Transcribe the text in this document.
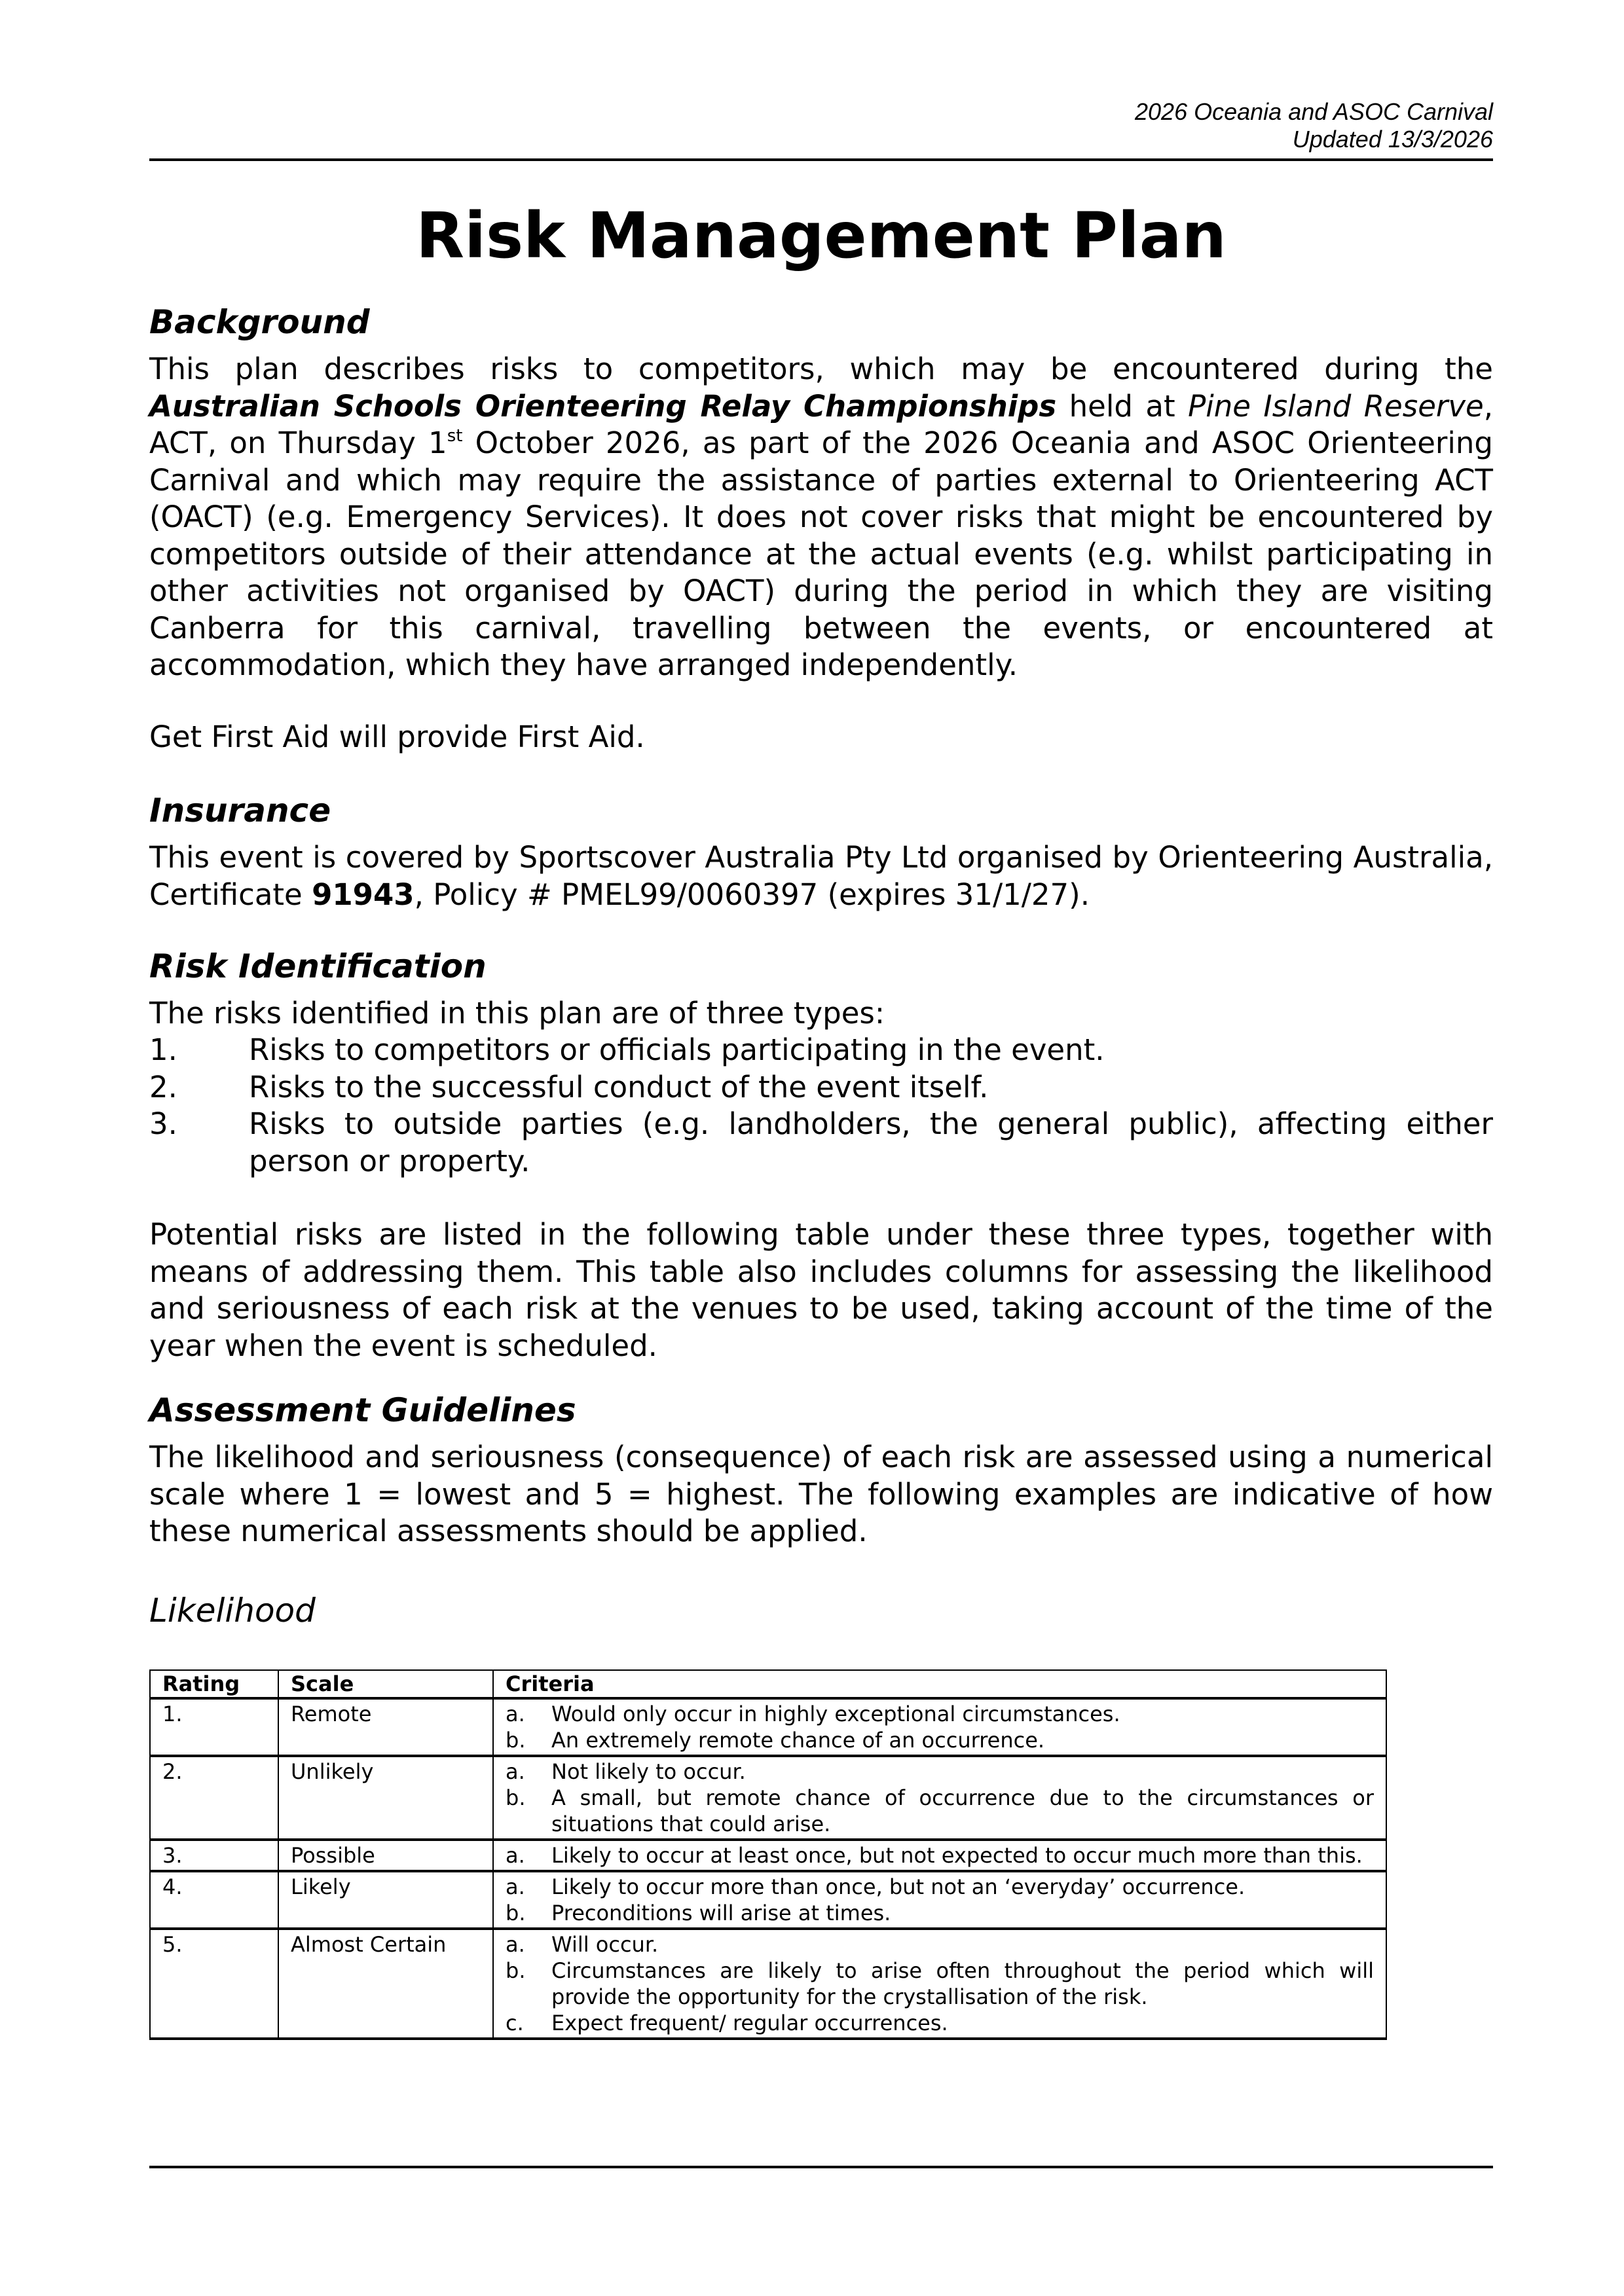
2026 Oceania and ASOC Carnival
Updated 13/3/2026
Risk Management Plan
Background
This plan describes risks to competitors, which may be encountered during the Australian Schools Orienteering Relay Championships held at Pine Island Reserve, ACT, on Thursday 1st October 2026, as part of the 2026 Oceania and ASOC Orienteering Carnival and which may require the assistance of parties external to Orienteering ACT (OACT) (e.g. Emergency Services). It does not cover risks that might be encountered by competitors outside of their attendance at the actual events (e.g. whilst participating in other activities not organised by OACT) during the period in which they are visiting Canberra for this carnival, travelling between the events, or encountered at accommodation, which they have arranged independently.
Get First Aid will provide First Aid.
Insurance
This event is covered by Sportscover Australia Pty Ltd organised by Orienteering Australia, Certificate 91943, Policy # PMEL99/0060397 (expires 31/1/27).
Risk Identification
The risks identified in this plan are of three types:
1.	Risks to competitors or officials participating in the event.
2.	Risks to the successful conduct of the event itself.
3.	Risks to outside parties (e.g. landholders, the general public), affecting either person or property.
Potential risks are listed in the following table under these three types, together with means of addressing them. This table also includes columns for assessing the likelihood and seriousness of each risk at the venues to be used, taking account of the time of the year when the event is scheduled.
Assessment Guidelines
The likelihood and seriousness (consequence) of each risk are assessed using a numerical scale where 1 = lowest and 5 = highest. The following examples are indicative of how these numerical assessments should be applied.
Likelihood
Rating	Scale	Criteria
1.	Remote	a. Would only occur in highly exceptional circumstances.
b. An extremely remote chance of an occurrence.

2.	Unlikely	a. Not likely to occur.
b. A small, but remote chance of occurrence due to the circumstances or situations that could arise.

3.	Possible	a. Likely to occur at least once, but not expected to occur much more than this.

4.	Likely	a. Likely to occur more than once, but not an ‘everyday’ occurrence.
b. Preconditions will arise at times.

5.	Almost Certain	a.	Will occur.
b.	Circumstances are likely to arise often throughout the period which will provide the opportunity for the crystallisation of the risk.
c.	Expect frequent/ regular occurrences.
